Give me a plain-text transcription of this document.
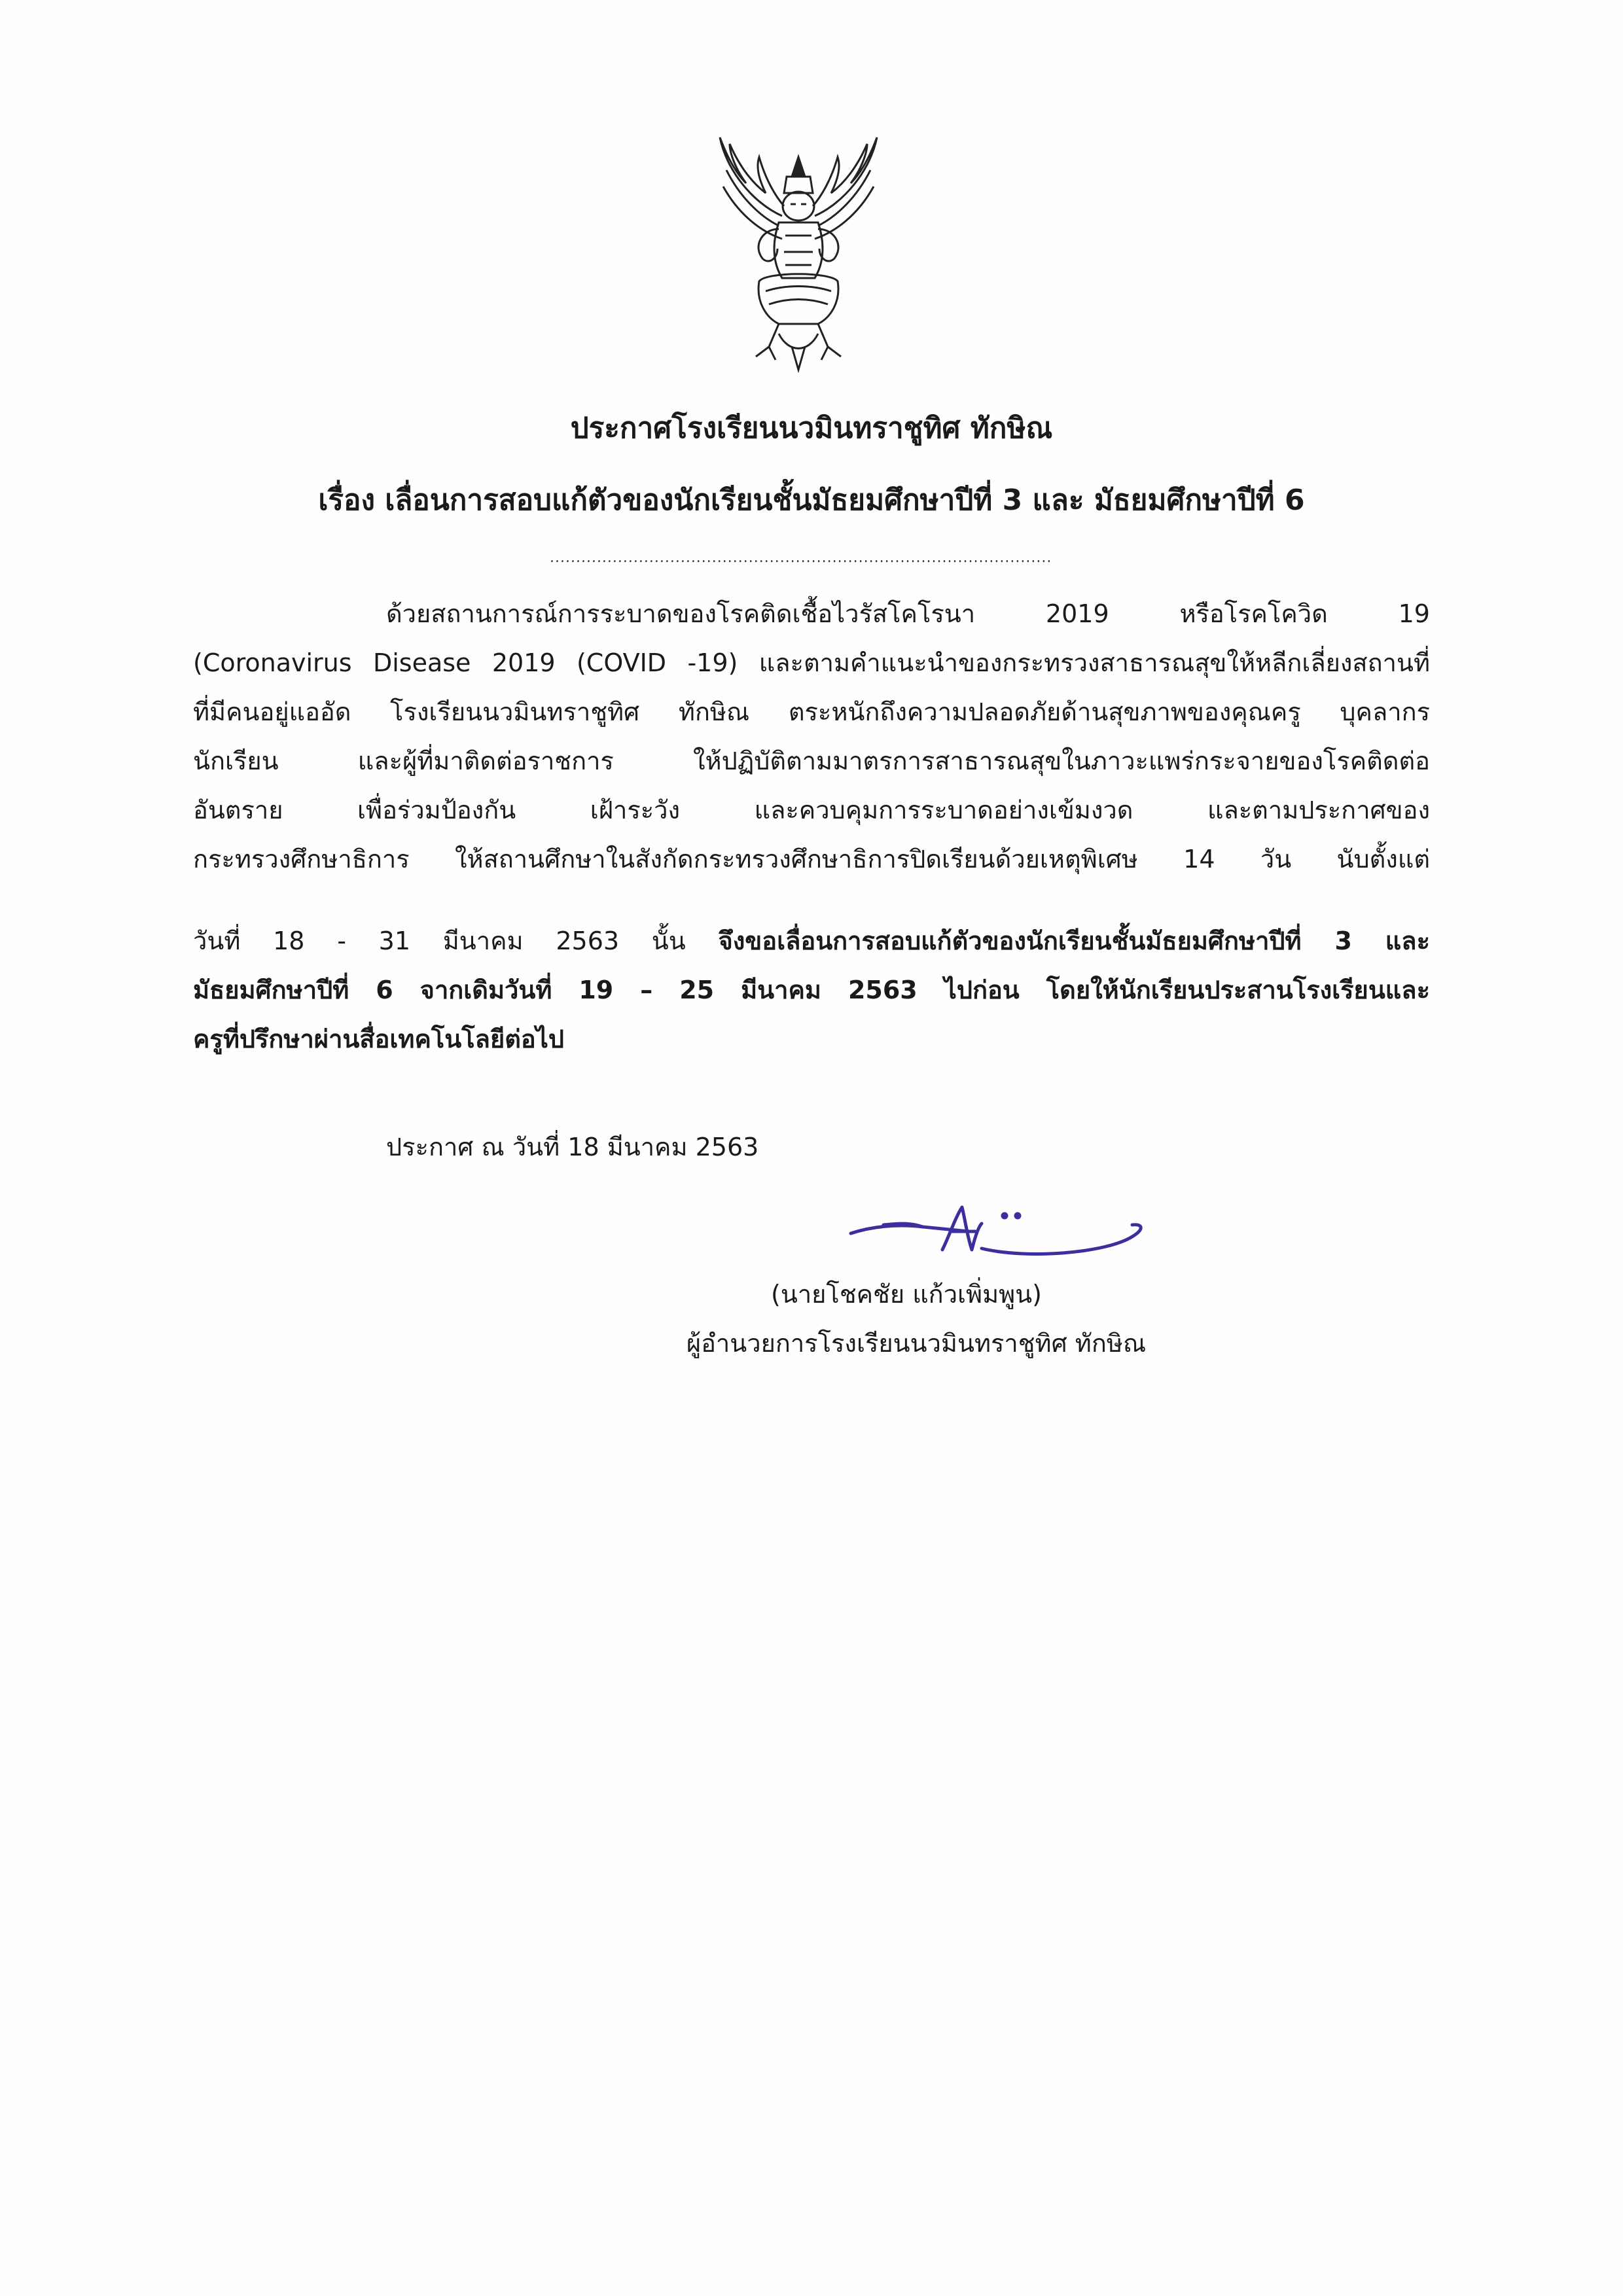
ประกาศโรงเรียนนวมินทราชูทิศ ทักษิณ
เรื่อง เลื่อนการสอบแก้ตัวของนักเรียนชั้นมัธยมศึกษาปีที่ 3 และ มัธยมศึกษาปีที่ 6
................................................................................................
ด้วยสถานการณ์การระบาดของโรคติดเชื้อไวรัสโคโรนา 2019 หรือโรคโควิด 19
(Coronavirus Disease 2019 (COVID -19) และตามคำแนะนำของกระทรวงสาธารณสุขให้หลีกเลี่ยงสถานที่
ที่มีคนอยู่แออัด โรงเรียนนวมินทราชูทิศ ทักษิณ ตระหนักถึงความปลอดภัยด้านสุขภาพของคุณครู บุคลากร
นักเรียน และผู้ที่มาติดต่อราชการ ให้ปฏิบัติตามมาตรการสาธารณสุขในภาวะแพร่กระจายของโรคติดต่อ
อันตราย เพื่อร่วมป้องกัน เฝ้าระวัง และควบคุมการระบาดอย่างเข้มงวด และตามประกาศของ
กระทรวงศึกษาธิการ ให้สถานศึกษาในสังกัดกระทรวงศึกษาธิการปิดเรียนด้วยเหตุพิเศษ 14 วัน นับตั้งแต่
วันที่ 18 - 31 มีนาคม 2563 นั้น จึงขอเลื่อนการสอบแก้ตัวของนักเรียนชั้นมัธยมศึกษาปีที่ 3 และ
มัธยมศึกษาปีที่ 6 จากเดิมวันที่ 19 – 25 มีนาคม 2563 ไปก่อน โดยให้นักเรียนประสานโรงเรียนและ
ครูที่ปรึกษาผ่านสื่อเทคโนโลยีต่อไป
ประกาศ ณ วันที่ 18 มีนาคม 2563
(นายโชคชัย แก้วเพิ่มพูน)
ผู้อำนวยการโรงเรียนนวมินทราชูทิศ ทักษิณ
